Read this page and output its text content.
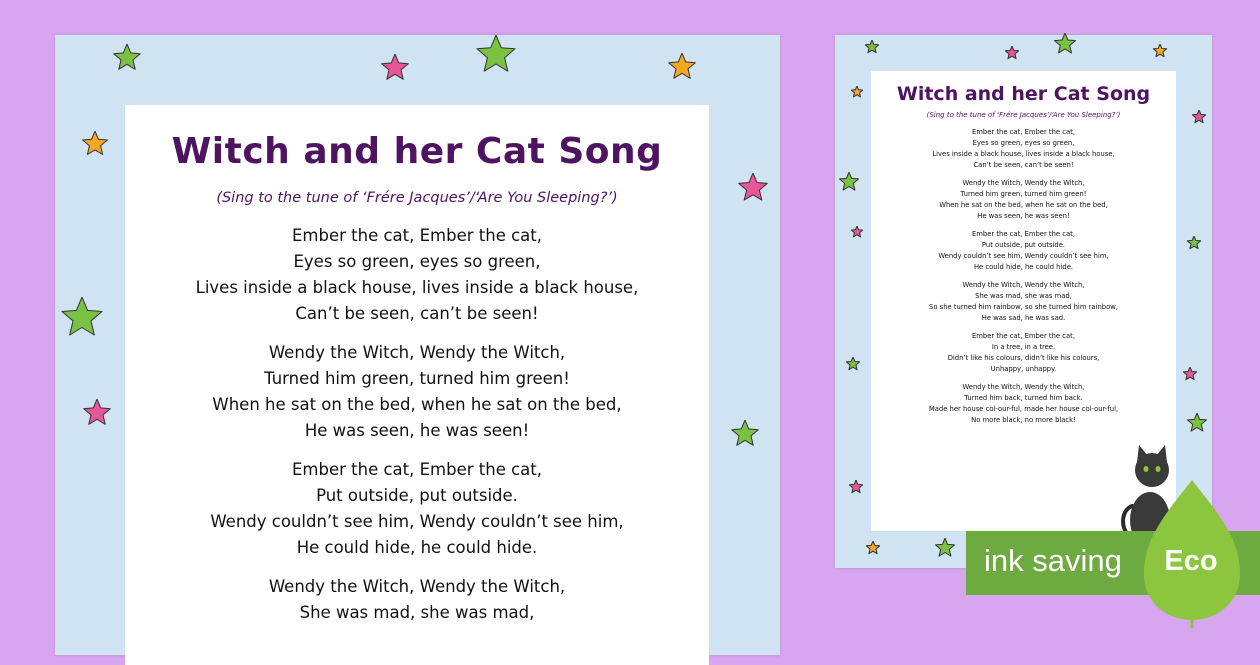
Witch and her Cat Song

(Sing to the tune of ‘Frére Jacques’/‘Are You Sleeping?’)

Ember the cat, Ember the cat,
Eyes so green, eyes so green,
Lives inside a black house, lives inside a black house,
Can’t be seen, can’t be seen!
Wendy the Witch, Wendy the Witch,
Turned him green, turned him green!
When he sat on the bed, when he sat on the bed,
He was seen, he was seen!
Ember the cat, Ember the cat,
Put outside, put outside.
Wendy couldn’t see him, Wendy couldn’t see him,
He could hide, he could hide.
Wendy the Witch, Wendy the Witch,
She was mad, she was mad,
Witch and her Cat Song

(Sing to the tune of ‘Frére Jacques’/‘Are You Sleeping?’)

Ember the cat, Ember the cat,
Eyes so green, eyes so green,
Lives inside a black house, lives inside a black house,
Can’t be seen, can’t be seen!
Wendy the Witch, Wendy the Witch,
Turned him green, turned him green!
When he sat on the bed, when he sat on the bed,
He was seen, he was seen!
Ember the cat, Ember the cat,
Put outside, put outside.
Wendy couldn’t see him, Wendy couldn’t see him,
He could hide, he could hide.
Wendy the Witch, Wendy the Witch,
She was mad, she was mad,
So she turned him rainbow, so she turned him rainbow,
He was sad, he was sad.
Ember the cat, Ember the cat,
In a tree, in a tree.
Didn’t like his colours, didn’t like his colours,
Unhappy, unhappy.
Wendy the Witch, Wendy the Witch,
Turned him back, turned him back.
Made her house col-our-ful, made her house col-our-ful,
No more black, no more black!
ink saving Eco
